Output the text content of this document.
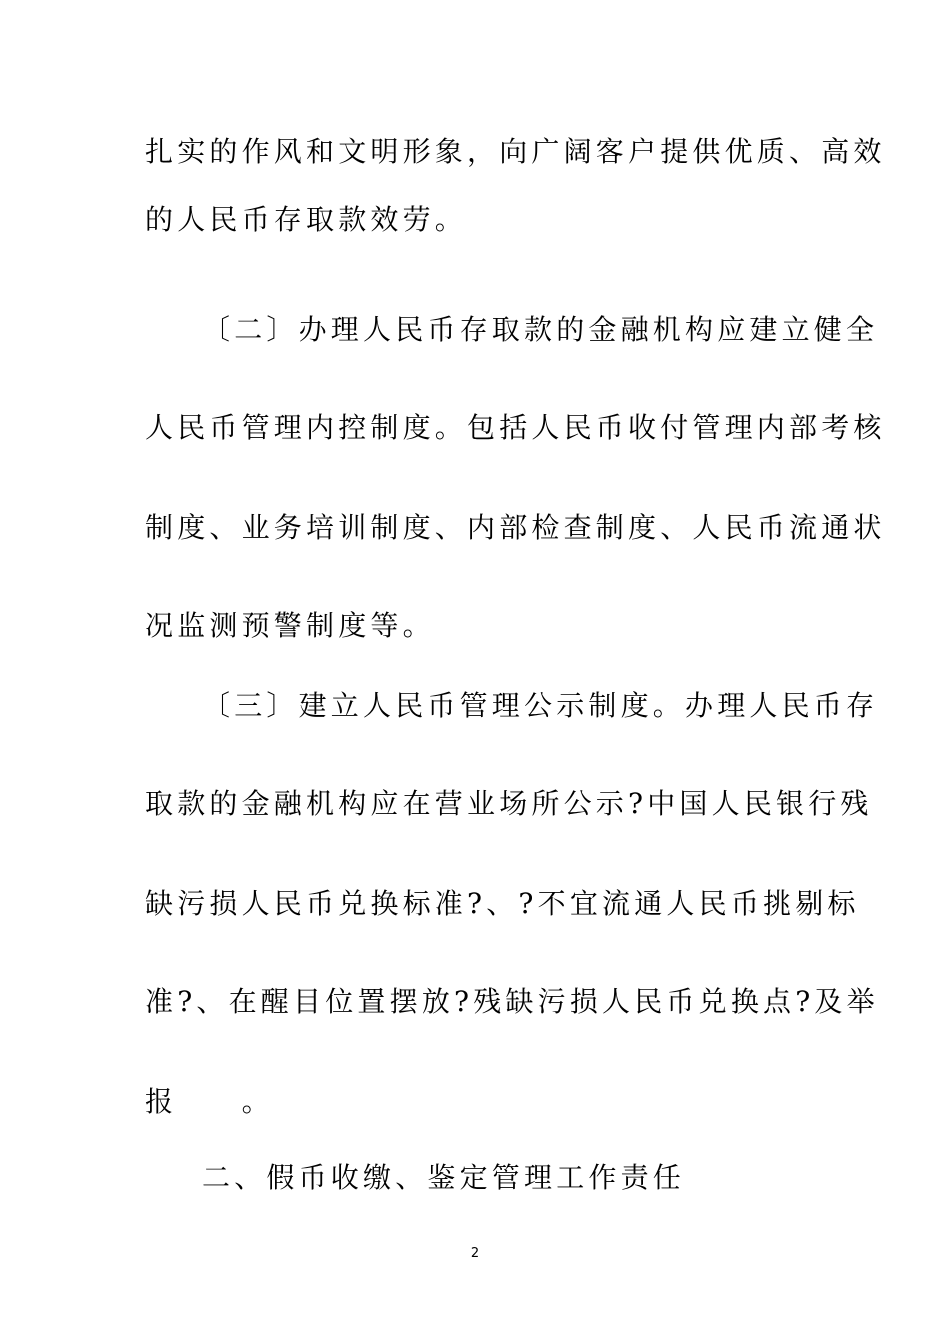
扎实的作风和文明形象，向广阔客户提供优质、高效
的人民币存取款效劳。
〔二〕办理人民币存取款的金融机构应建立健全
人民币管理内控制度。包括人民币收付管理内部考核
制度、业务培训制度、内部检查制度、人民币流通状
况监测预警制度等。
〔三〕建立人民币管理公示制度。办理人民币存
取款的金融机构应在营业场所公示?中国人民银行残
缺污损人民币兑换标准?、?不宜流通人民币挑剔标
准?、在醒目位置摆放?残缺污损人民币兑换点?及举
报　　。
二、假币收缴、鉴定管理工作责任
2
